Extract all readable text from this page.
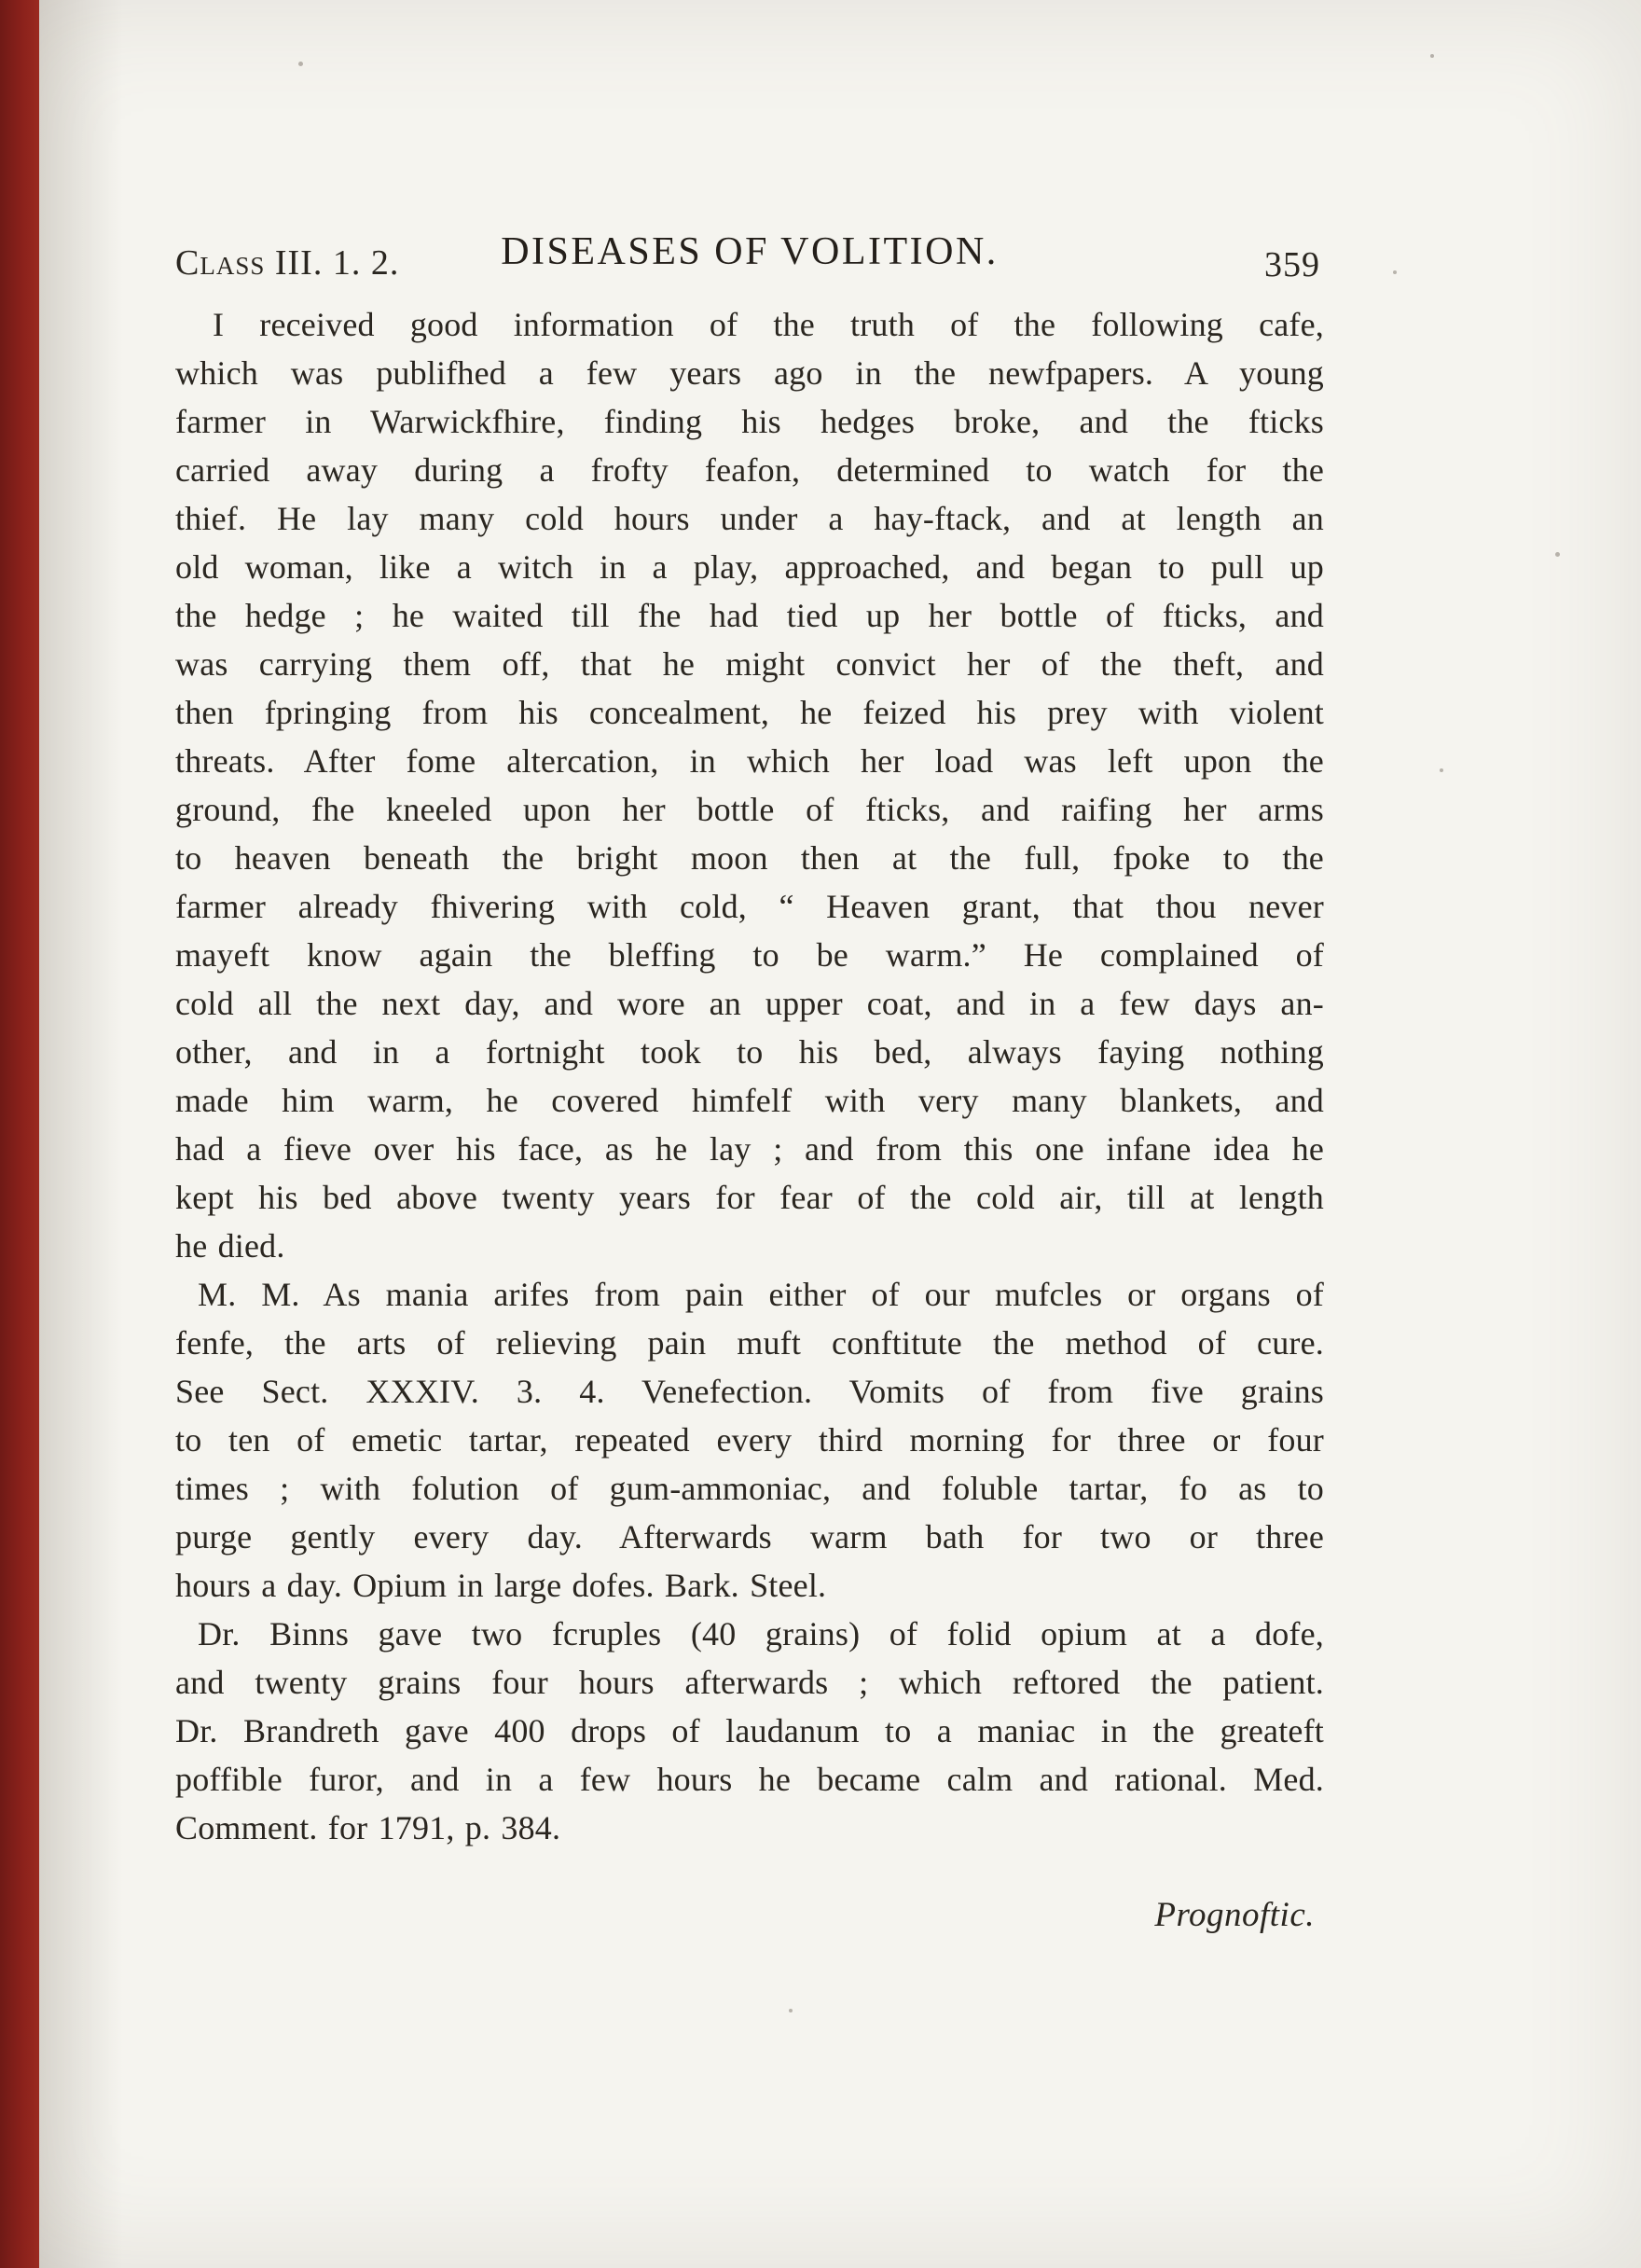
Class III. 1. 2.	DISEASES OF VOLITION.	359
I received good information of the truth of the following cafe,
which was publifhed a few years ago in the newfpapers. A young
farmer in Warwickfhire, finding his hedges broke, and the fticks
carried away during a frofty feafon, determined to watch for the
thief. He lay many cold hours under a hay-ftack, and at length an
old woman, like a witch in a play, approached, and began to pull up
the hedge ; he waited till fhe had tied up her bottle of fticks, and
was carrying them off, that he might convict her of the theft, and
then fpringing from his concealment, he feized his prey with violent
threats. After fome altercation, in which her load was left upon the
ground, fhe kneeled upon her bottle of fticks, and raifing her arms
to heaven beneath the bright moon then at the full, fpoke to the
farmer already fhivering with cold, “ Heaven grant, that thou never
mayeft know again the bleffing to be warm.” He complained of
cold all the next day, and wore an upper coat, and in a few days an-
other, and in a fortnight took to his bed, always faying nothing
made him warm, he covered himfelf with very many blankets, and
had a fieve over his face, as he lay ; and from this one infane idea he
kept his bed above twenty years for fear of the cold air, till at length
he died.
M. M. As mania arifes from pain either of our mufcles or organs of
fenfe, the arts of relieving pain muft conftitute the method of cure.
See Sect. XXXIV. 3. 4. Venefection. Vomits of from five grains
to ten of emetic tartar, repeated every third morning for three or four
times ; with folution of gum-ammoniac, and foluble tartar, fo as to
purge gently every day. Afterwards warm bath for two or three
hours a day. Opium in large dofes. Bark. Steel.
Dr. Binns gave two fcruples (40 grains) of folid opium at a dofe,
and twenty grains four hours afterwards ; which reftored the patient.
Dr. Brandreth gave 400 drops of laudanum to a maniac in the greateft
poffible furor, and in a few hours he became calm and rational. Med.
Comment. for 1791, p. 384.
Prognoftic.
